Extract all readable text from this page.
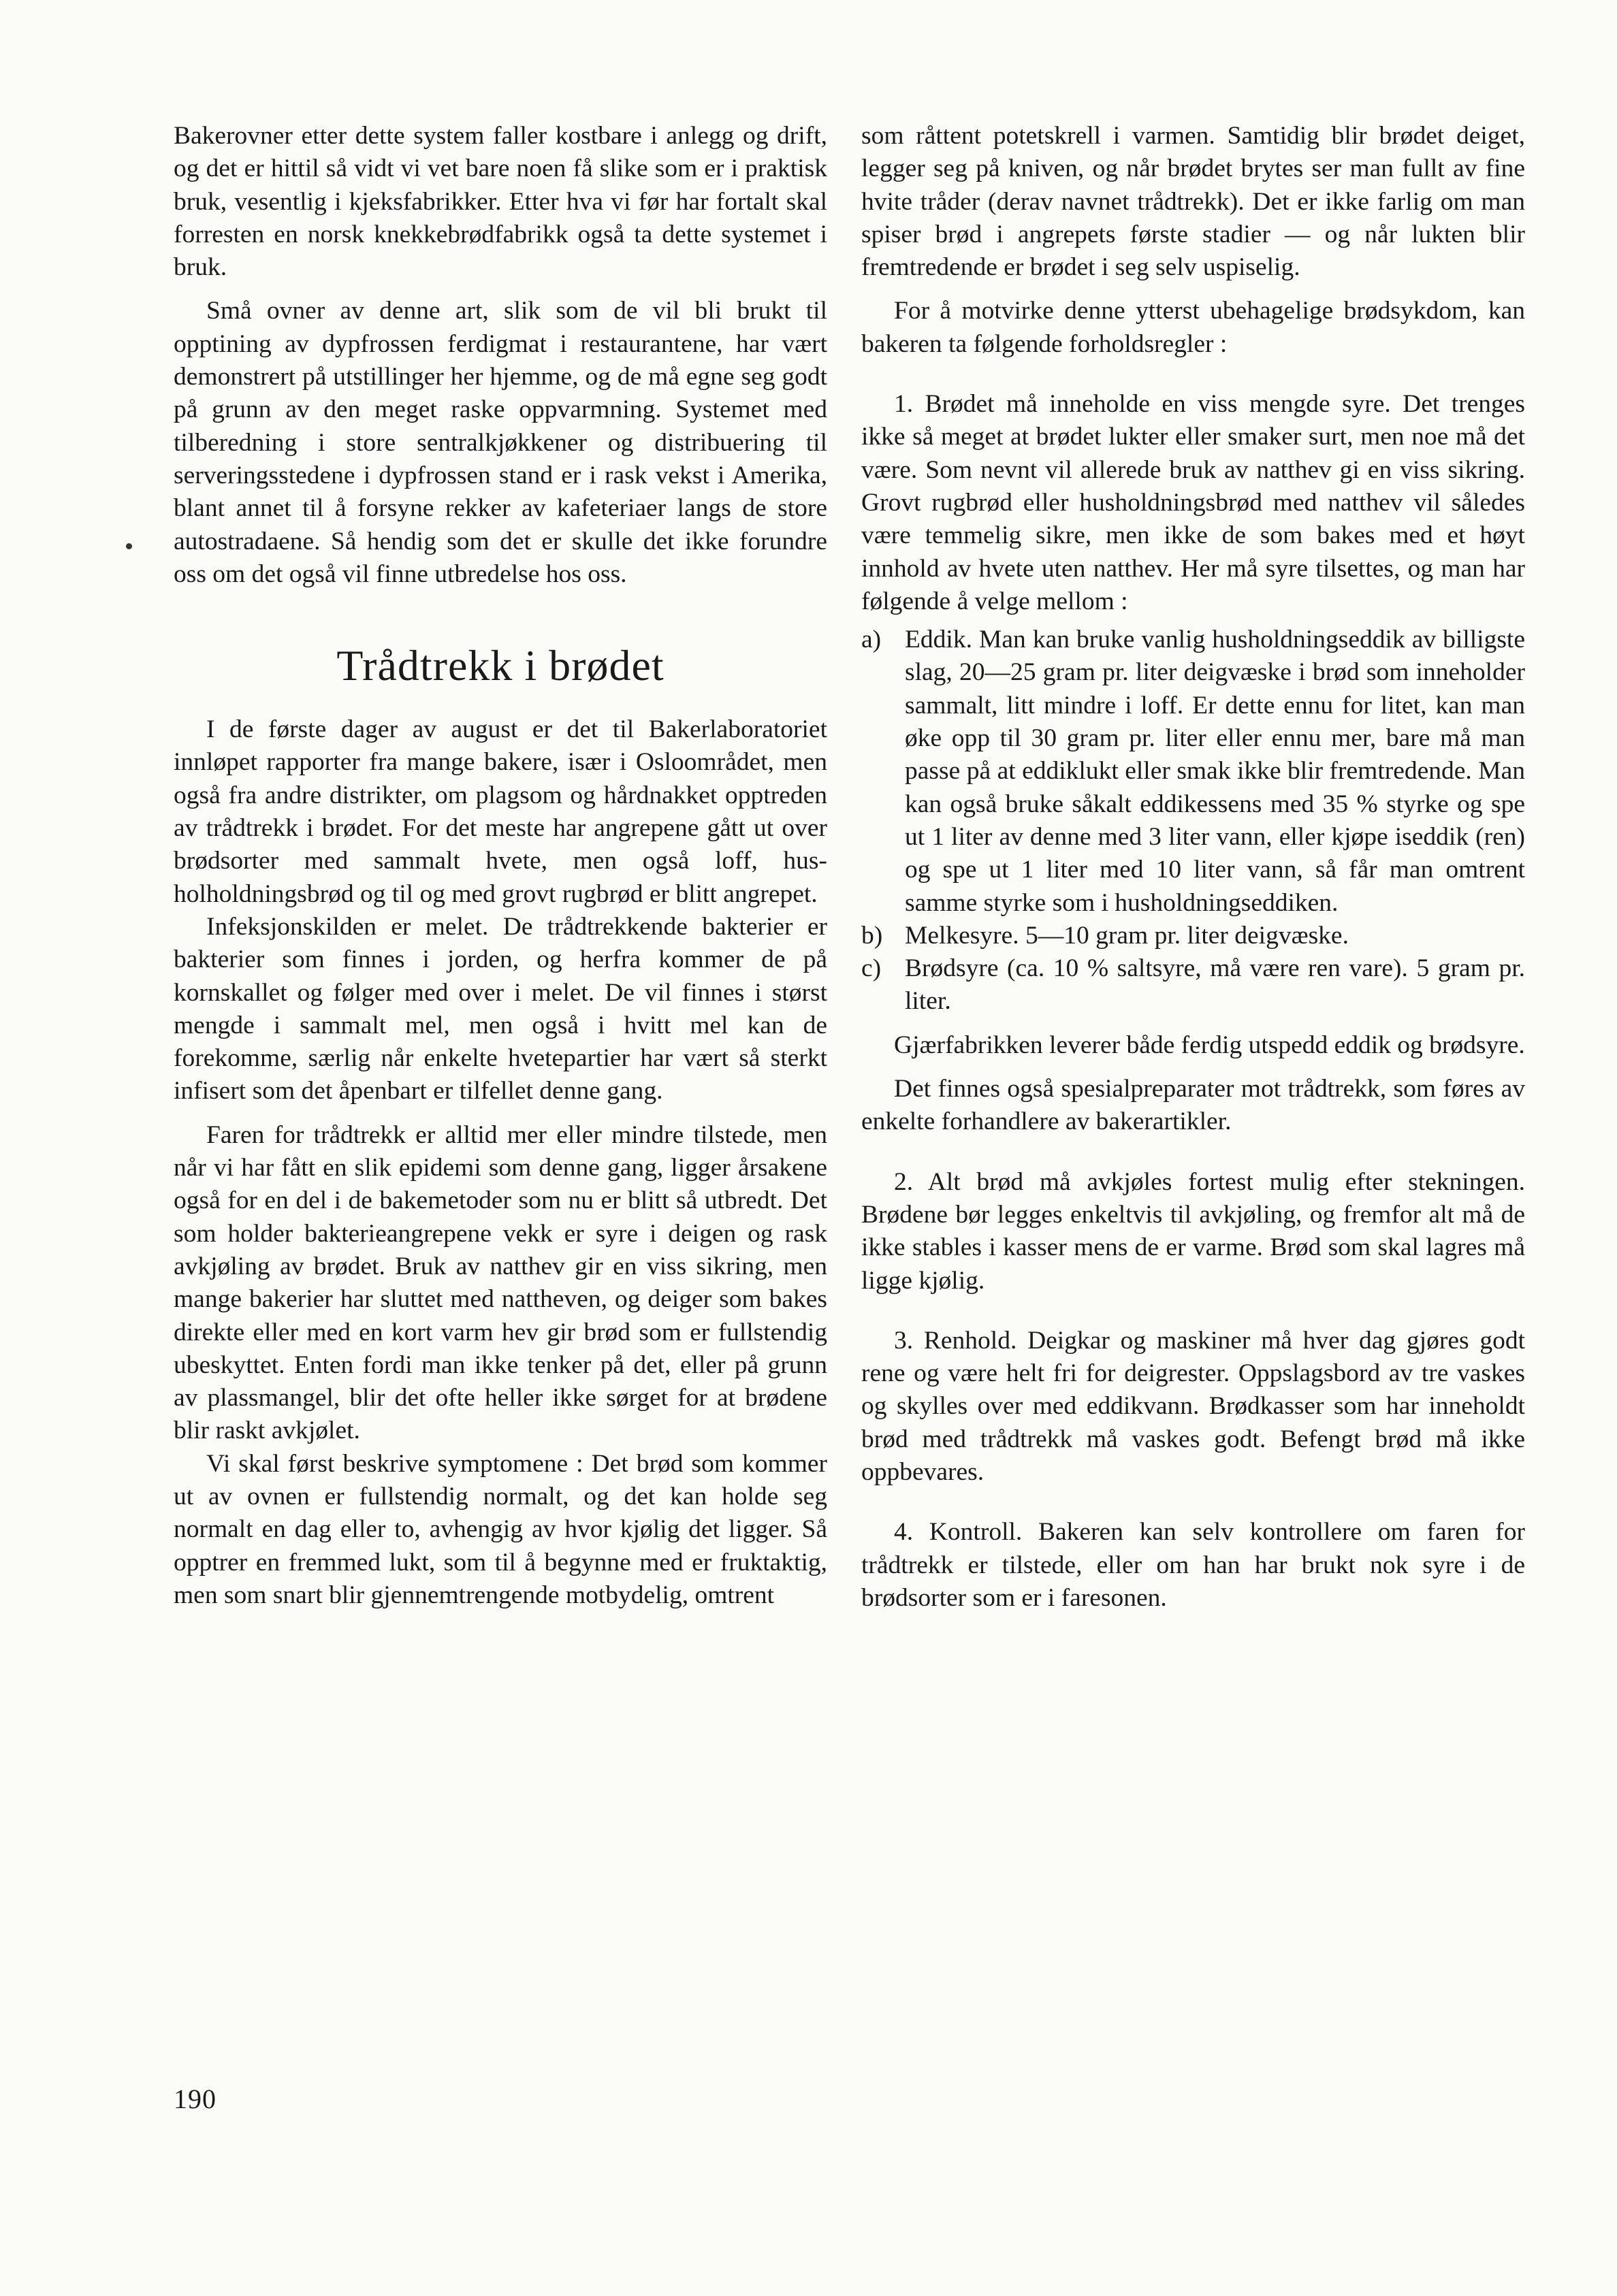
Bakerovner etter dette system faller kostbare i anlegg og drift, og det er hittil så vidt vi vet bare noen få slike som er i praktisk bruk, vesentlig i kjeksfabrikker. Etter hva vi før har fortalt skal forresten en norsk knekkebrødfabrikk også ta dette systemet i bruk.

Små ovner av denne art, slik som de vil bli brukt til opptining av dypfrossen ferdigmat i restaurantene, har vært demonstrert på utstillinger her hjemme, og de må egne seg godt på grunn av den meget raske oppvarmning. Systemet med tilberedning i store sentralkjøkkener og distribuering til serveringsstedene i dypfrossen stand er i rask vekst i Amerika, blant annet til å forsyne rekker av kafeteriaer langs de store autostradaene. Så hendig som det er skulle det ikke forundre oss om det også vil finne utbredelse hos oss.

Trådtrekk i brødet

I de første dager av august er det til Bakerlaboratoriet innløpet rapporter fra mange bakere, især i Osloområdet, men også fra andre distrikter, om plagsom og hårdnakket opptreden av trådtrekk i brødet. For det meste har angrepene gått ut over brødsorter med sammalt hvete, men også loff, husholholdningsbrød og til og med grovt rugbrød er blitt angrepet.

Infeksjonskilden er melet. De trådtrekkende bakterier er bakterier som finnes i jorden, og herfra kommer de på kornskallet og følger med over i melet. De vil finnes i størst mengde i sammalt mel, men også i hvitt mel kan de forekomme, særlig når enkelte hvetepartier har vært så sterkt infisert som det åpenbart er tilfellet denne gang.

Faren for trådtrekk er alltid mer eller mindre tilstede, men når vi har fått en slik epidemi som denne gang, ligger årsakene også for en del i de bakemetoder som nu er blitt så utbredt. Det som holder bakterieangrepene vekk er syre i deigen og rask avkjøling av brødet. Bruk av natthev gir en viss sikring, men mange bakerier har sluttet med nattheven, og deiger som bakes direkte eller med en kort varm hev gir brød som er fullstendig ubeskyttet. Enten fordi man ikke tenker på det, eller på grunn av plassmangel, blir det ofte heller ikke sørget for at brødene blir raskt avkjølet.

Vi skal først beskrive symptomene : Det brød som kommer ut av ovnen er fullstendig normalt, og det kan holde seg normalt en dag eller to, avhengig av hvor kjølig det ligger. Så opptrer en fremmed lukt, som til å begynne med er fruktaktig, men som snart blir gjennemtrengende motbydelig, omtrent

som råttent potetskrell i varmen. Samtidig blir brødet deiget, legger seg på kniven, og når brødet brytes ser man fullt av fine hvite tråder (derav navnet trådtrekk). Det er ikke farlig om man spiser brød i angrepets første stadier — og når lukten blir fremtredende er brødet i seg selv uspiselig.

For å motvirke denne ytterst ubehagelige brødsykdom, kan bakeren ta følgende forholdsregler :

1. Brødet må inneholde en viss mengde syre. Det trenges ikke så meget at brødet lukter eller smaker surt, men noe må det være. Som nevnt vil allerede bruk av natthev gi en viss sikring. Grovt rugbrød eller husholdningsbrød med natthev vil således være temmelig sikre, men ikke de som bakes med et høyt innhold av hvete uten natthev. Her må syre tilsettes, og man har følgende å velge mellom :

a) Eddik. Man kan bruke vanlig husholdningseddik av billigste slag, 20—25 gram pr. liter deigvæske i brød som inneholder sammalt, litt mindre i loff. Er dette ennu for litet, kan man øke opp til 30 gram pr. liter eller ennu mer, bare må man passe på at eddiklukt eller smak ikke blir fremtredende. Man kan også bruke såkalt eddikessens med 35 % styrke og spe ut 1 liter av denne med 3 liter vann, eller kjøpe iseddik (ren) og spe ut 1 liter med 10 liter vann, så får man omtrent samme styrke som i husholdningseddiken.
b) Melkesyre. 5—10 gram pr. liter deigvæske.
c) Brødsyre (ca. 10 % saltsyre, må være ren vare). 5 gram pr. liter.

Gjærfabrikken leverer både ferdig utspedd eddik og brødsyre.

Det finnes også spesialpreparater mot trådtrekk, som føres av enkelte forhandlere av bakerartikler.

2. Alt brød må avkjøles fortest mulig efter stekningen. Brødene bør legges enkeltvis til avkjøling, og fremfor alt må de ikke stables i kasser mens de er varme. Brød som skal lagres må ligge kjølig.

3. Renhold. Deigkar og maskiner må hver dag gjøres godt rene og være helt fri for deigrester. Oppslagsbord av tre vaskes og skylles over med eddikvann. Brødkasser som har inneholdt brød med trådtrekk må vaskes godt. Befengt brød må ikke oppbevares.

4. Kontroll. Bakeren kan selv kontrollere om faren for trådtrekk er tilstede, eller om han har brukt nok syre i de brødsorter som er i faresonen.

190
